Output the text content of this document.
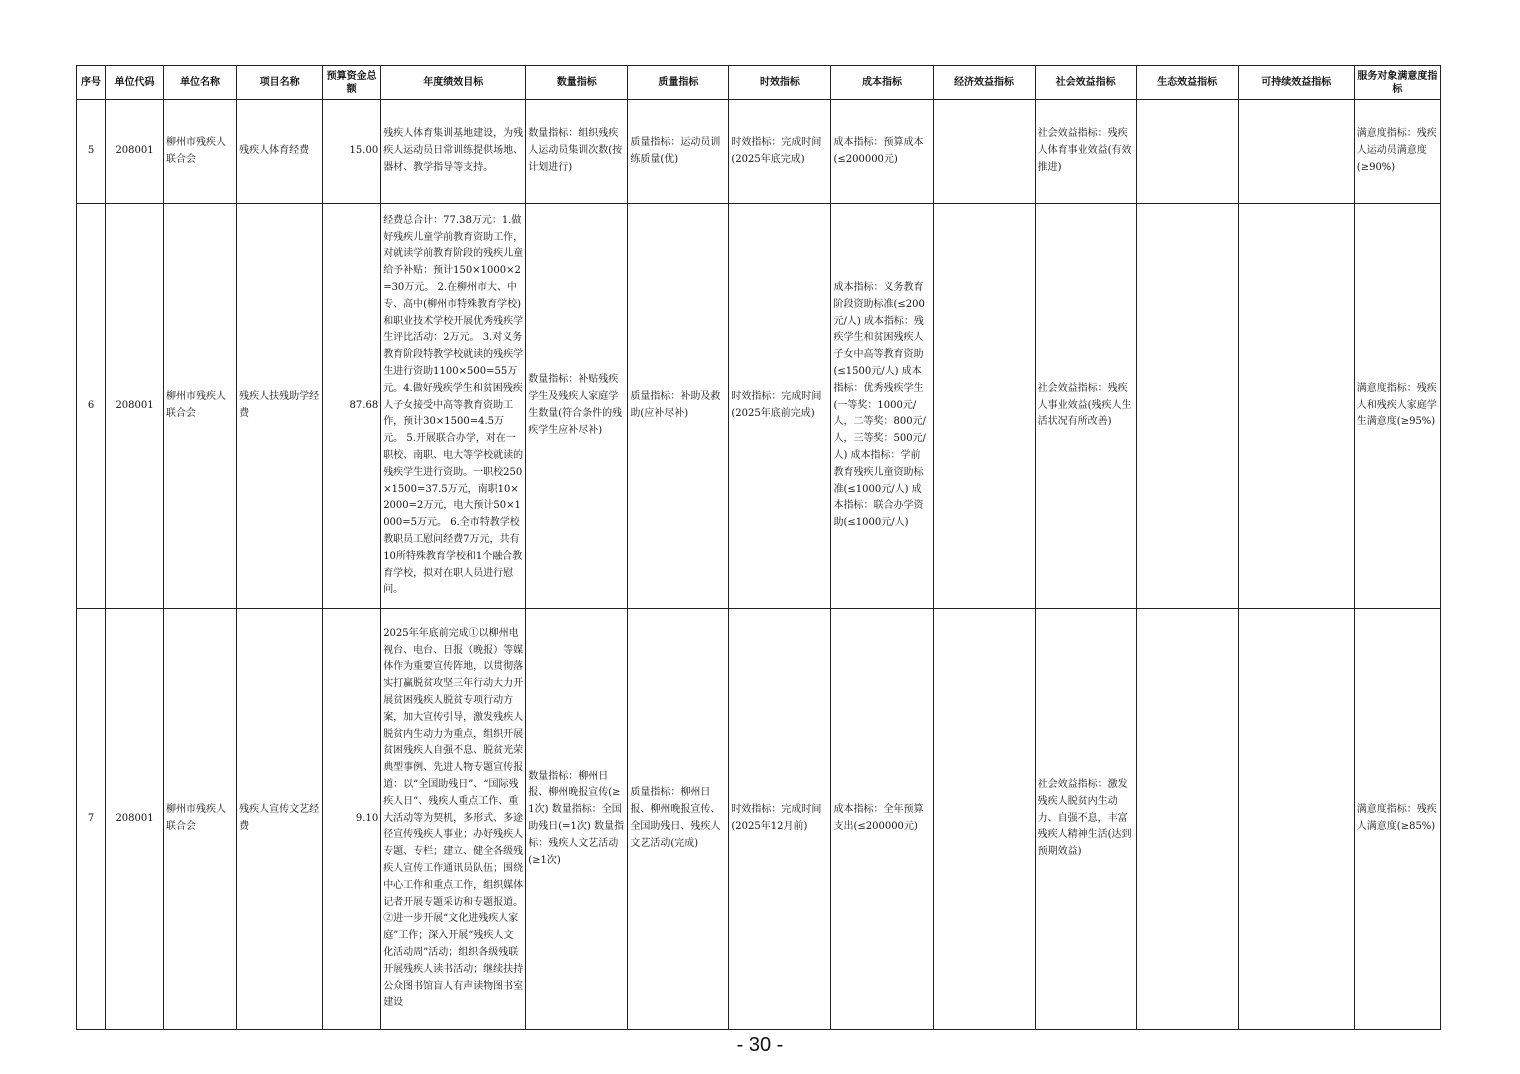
序号	单位代码	单位名称	项目名称	预算资金总额	年度绩效目标	数量指标	质量指标	时效指标	成本指标	经济效益指标	社会效益指标	生态效益指标	可持续效益指标	服务对象满意度指标
5	208001	柳州市残疾人联合会	残疾人体育经费	15.00	残疾人体育集训基地建设，为残疾人运动员日常训练提供场地、器材、教学指导等支持。	数量指标：组织残疾人运动员集训次数(按计划进行)	质量指标：运动员训练质量(优)	时效指标：完成时间(2025年底完成)	成本指标：预算成本(≤200000元)		社会效益指标：残疾人体育事业效益(有效推进)			满意度指标：残疾人运动员满意度(≥90%)
6	208001	柳州市残疾人联合会	残疾人扶残助学经费	87.68	经费总合计：77.38万元：1.做好残疾儿童学前教育资助工作，对就读学前教育阶段的残疾儿童给予补贴：预计150×1000×2=30万元。 2.在柳州市大、中专、高中(柳州市特殊教育学校)和职业技术学校开展优秀残疾学生评比活动：2万元。 3.对义务教育阶段特教学校就读的残疾学生进行资助1100×500=55万元。4.做好残疾学生和贫困残疾人子女接受中高等教育资助工作，预计30×1500=4.5万元。 5.开展联合办学，对在一职校、南职、电大等学校就读的残疾学生进行资助。一职校250×1500=37.5万元，南职10×2000=2万元，电大预计50×1000=5万元。 6.全市特教学校教职员工慰问经费7万元，共有10所特殊教育学校和1个融合教育学校，拟对在职人员进行慰问。	数量指标：补贴残疾学生及残疾人家庭学生数量(符合条件的残疾学生应补尽补)	质量指标：补助及救助(应补尽补)	时效指标：完成时间(2025年底前完成)	成本指标：义务教育阶段资助标准(≤200元/人) 成本指标：残疾学生和贫困残疾人子女中高等教育资助(≤1500元/人) 成本指标：优秀残疾学生(一等奖：1000元/人，二等奖：800元/人，三等奖：500元/人) 成本指标：学前教育残疾儿童资助标准(≤1000元/人) 成本指标：联合办学资助(≤1000元/人)		社会效益指标：残疾人事业效益(残疾人生活状况有所改善)			满意度指标：残疾人和残疾人家庭学生满意度(≥95%)
7	208001	柳州市残疾人联合会	残疾人宣传文艺经费	9.10	2025年年底前完成①以柳州电视台、电台、日报（晚报）等媒体作为重要宣传阵地，以贯彻落实打赢脱贫攻坚三年行动大力开展贫困残疾人脱贫专项行动方案，加大宣传引导，激发残疾人脱贫内生动力为重点，组织开展贫困残疾人自强不息、脱贫光荣典型事例、先进人物专题宣传报道：以“全国助残日”、“国际残疾人日”、残疾人重点工作、重大活动等为契机，多形式、多途径宣传残疾人事业；办好残疾人专题、专栏；建立、健全各级残疾人宣传工作通讯员队伍；围绕中心工作和重点工作，组织媒体记者开展专题采访和专题报道。②进一步开展“文化进残疾人家庭”工作；深入开展“残疾人文化活动周”活动；组织各级残联开展残疾人读书活动；继续扶持公众图书馆盲人有声读物图书室建设	数量指标：柳州日报、柳州晚报宣传(≥1次) 数量指标：全国助残日(=1次) 数量指标：残疾人文艺活动(≥1次)	质量指标：柳州日报、柳州晚报宣传、全国助残日、残疾人文艺活动(完成)	时效指标：完成时间(2025年12月前)	成本指标：全年预算支出(≤200000元)		社会效益指标：激发残疾人脱贫内生动力、自强不息，丰富残疾人精神生活(达到预期效益)			满意度指标：残疾人满意度(≥85%)
- 30 -
